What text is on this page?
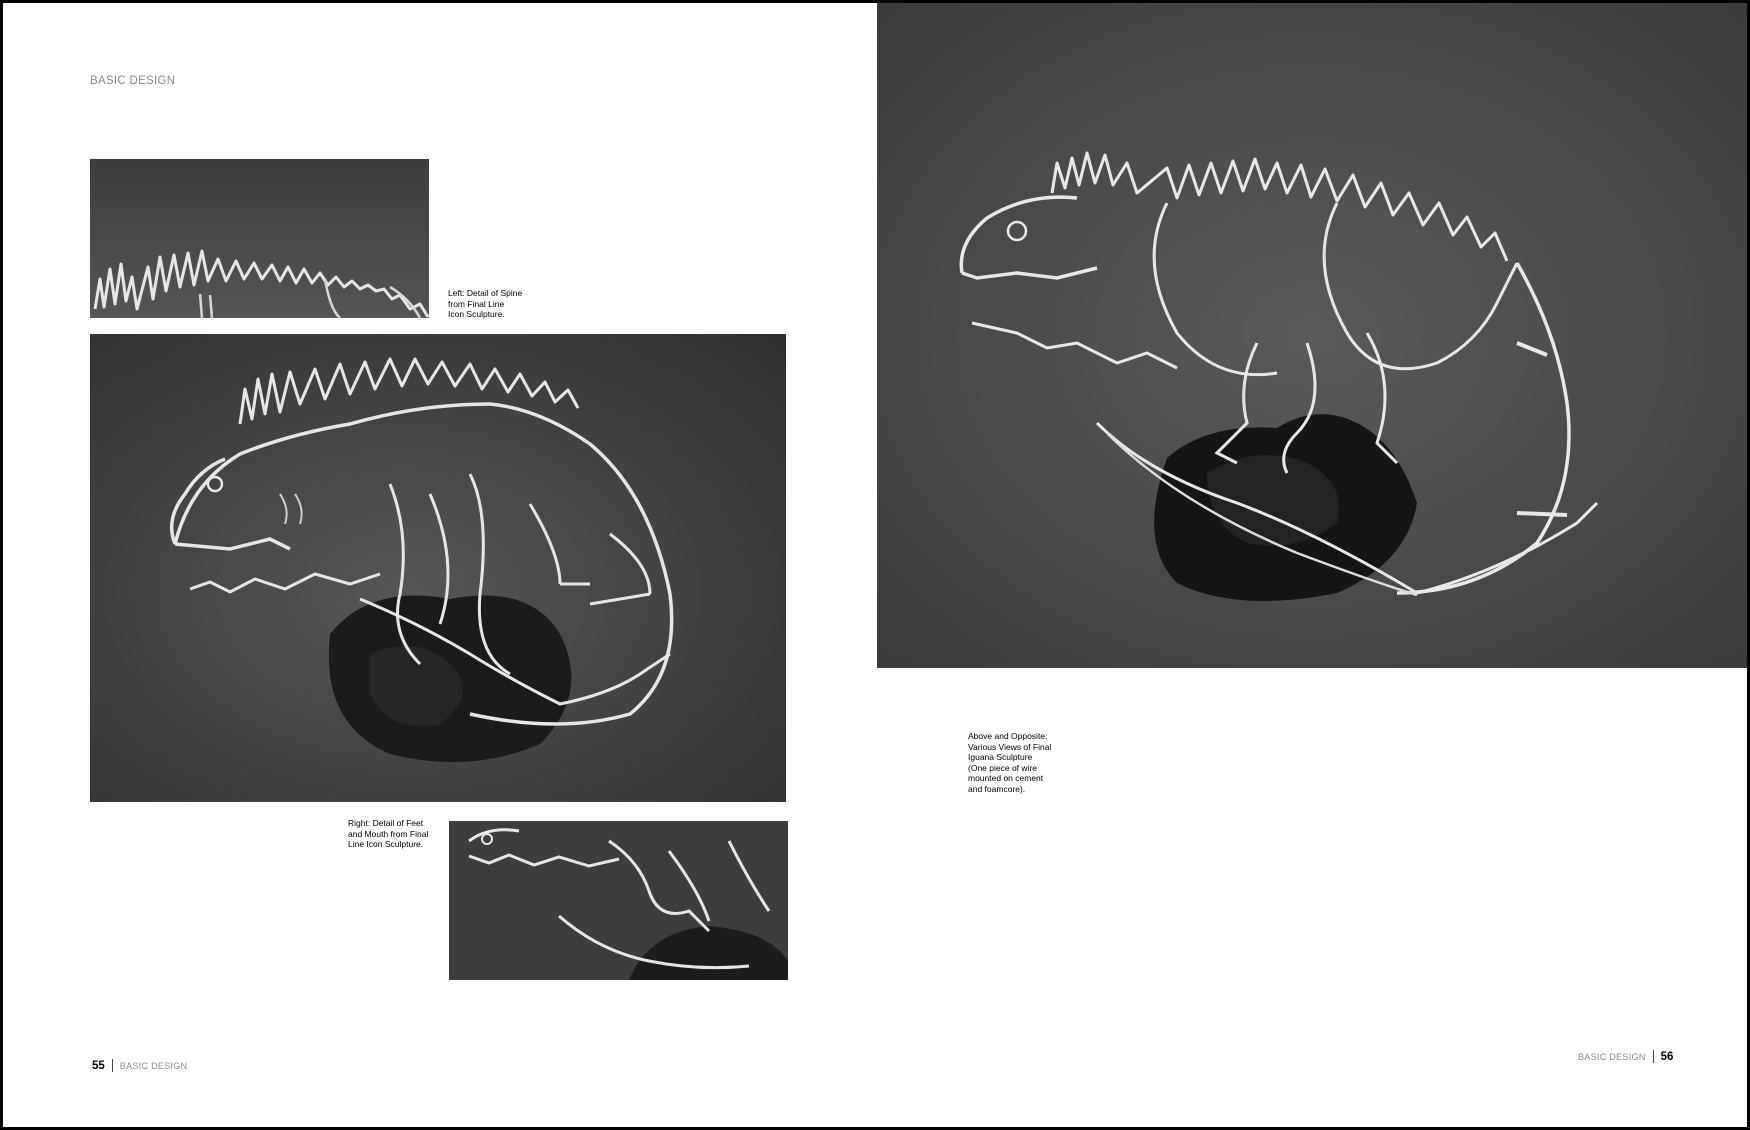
BASIC DESIGN
Left: Detail of Spine
from Final Line
Icon Sculpture.
Right: Detail of Feet
and Mouth from Final
Line Icon Sculpture.
Above and Opposite:
Various Views of Final
Iguana Sculpture
(One piece of wire
mounted on cement
and foamcore).
55 BASIC DESIGN
BASIC DESIGN 56
